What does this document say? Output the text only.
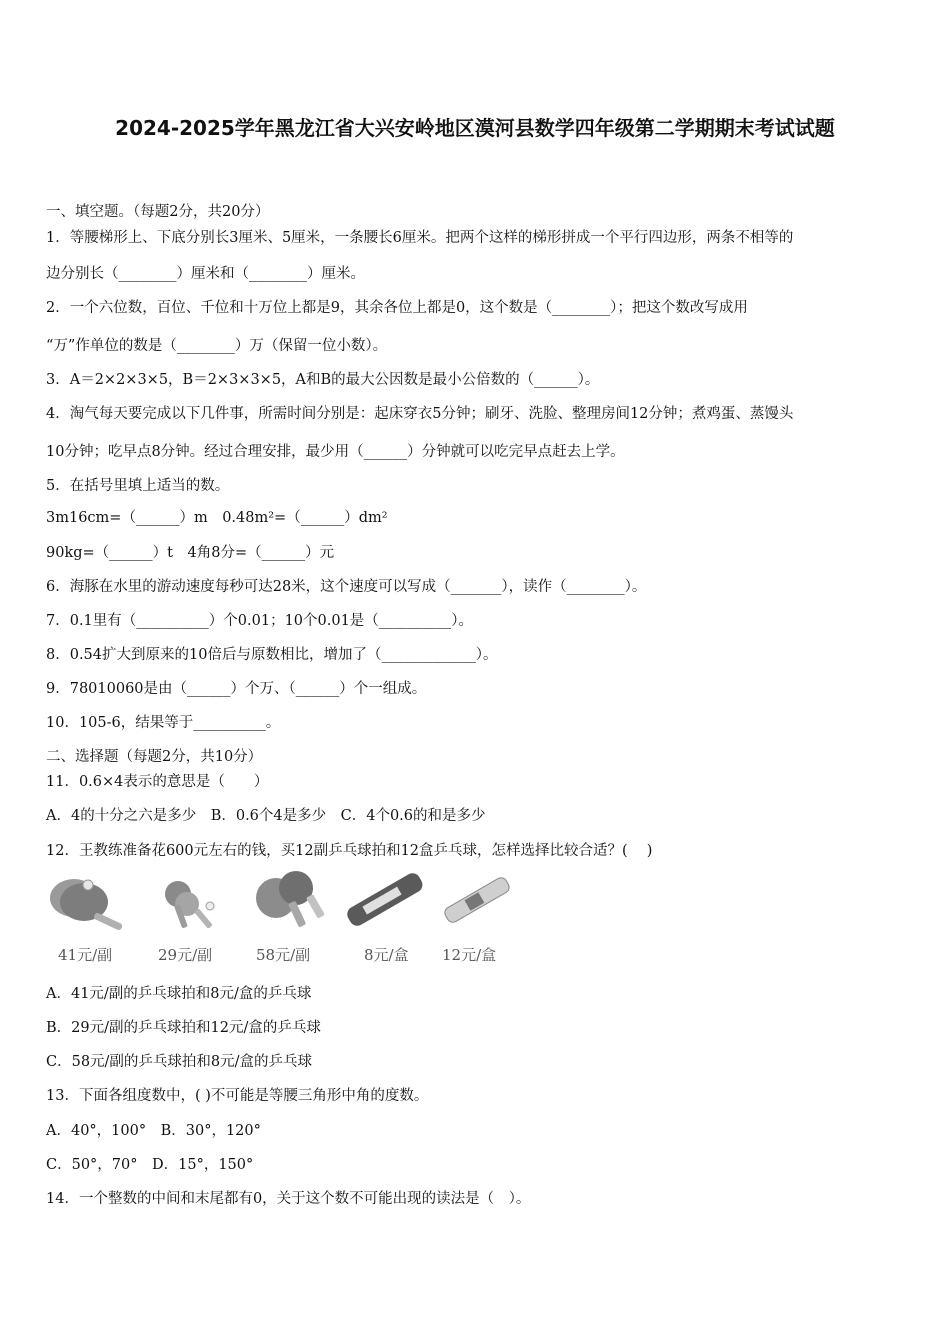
2024-2025学年黑龙江省大兴安岭地区漠河县数学四年级第二学期期末考试试题
一、填空题。（每题2分，共20分）
1．等腰梯形上、下底分别长3厘米、5厘米，一条腰长6厘米。把两个这样的梯形拼成一个平行四边形，两条不相等的
边分别长（________）厘米和（________）厘米。
2．一个六位数，百位、千位和十万位上都是9，其余各位上都是0，这个数是（________）；把这个数改写成用
“万”作单位的数是（________）万（保留一位小数）。
3．A＝2×2×3×5，B＝2×3×3×5，A和B的最大公因数是最小公倍数的（______）。
4．淘气每天要完成以下几件事，所需时间分别是：起床穿衣5分钟；刷牙、洗脸、整理房间12分钟；煮鸡蛋、蒸馒头
10分钟；吃早点8分钟。经过合理安排，最少用（______）分钟就可以吃完早点赶去上学。
5．在括号里填上适当的数。
3m16cm=（______）m　0.48m²=（______）dm²
90kg=（______）t　4角8分=（______）元
6．海豚在水里的游动速度每秒可达28米，这个速度可以写成（_______），读作（________）。
7．0.1里有（__________）个0.01；10个0.01是（__________）。
8．0.54扩大到原来的10倍后与原数相比，增加了（_____________）。
9．78010060是由（______）个万、（______）个一组成。
10．105-6，结果等于__________。
二、选择题（每题2分，共10分）
11．0.6×4表示的意思是（　　）
A．4的十分之六是多少　B．0.6个4是多少　C．4个0.6的和是多少
12．王教练准备花600元左右的钱，买12副乒乓球拍和12盒乒乓球，怎样选择比较合适？(　 )
41元/副	29元/副	58元/副	8元/盒 12元/盒
A．41元/副的乒乓球拍和8元/盒的乒乓球
B．29元/副的乒乓球拍和12元/盒的乒乓球
C．58元/副的乒乓球拍和8元/盒的乒乓球
13．下面各组度数中，( )不可能是等腰三角形中角的度数。
A．40°，100°　B．30°，120°
C．50°，70°　D．15°，150°
14．一个整数的中间和末尾都有0，关于这个数不可能出现的读法是（　）。
